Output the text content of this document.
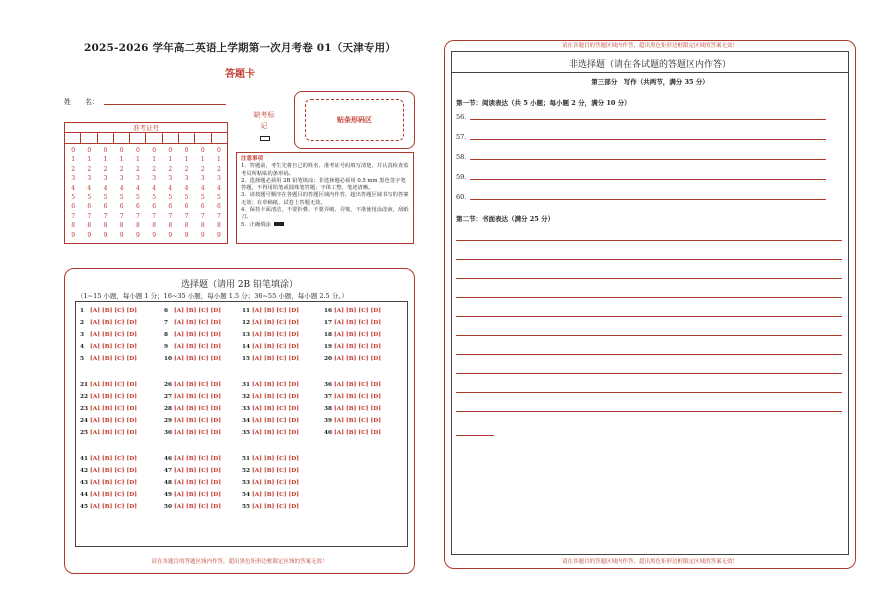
2025-2026 学年高二英语上学期第一次月考卷 01（天津专用）
答题卡
姓　　名：
准考证号
0
1
2
3
4
5
6
7
8
9
0
1
2
3
4
5
6
7
8
9
0
1
2
3
4
5
6
7
8
9
0
1
2
3
4
5
6
7
8
9
0
1
2
3
4
5
6
7
8
9
0
1
2
3
4
5
6
7
8
9
0
1
2
3
4
5
6
7
8
9
0
1
2
3
4
5
6
7
8
9
0
1
2
3
4
5
6
7
8
9
0
1
2
3
4
5
6
7
8
9
缺考标记
贴条形码区
注意事项
1．答题前，考生先将自己的姓名、准考证号码填写清楚，并认真检查监考员所粘贴的条形码。
2．选择题必须用 2B 铅笔填涂；非选择题必须用 0.5 mm 黑色签字笔答题，不得用铅笔或圆珠笔答题；字体工整、笔迹清晰。
3．请按题号顺序在各题目的答题区域内作答，超出答题区域书写的答案无效；在草稿纸、试卷上答题无效。
4．保持卡面清洁，不要折叠、不要弄破、弄皱，不准使用涂改液、刮纸刀。
5．正确填涂
选择题（请用 2B 铅笔填涂）
（1~15 小题，每小题 1 分；16~35 小题，每小题 1.5 分；36~55 小题，每小题 2.5 分。）
1 [A] [B] [C] [D]
2 [A] [B] [C] [D]
3 [A] [B] [C] [D]
4 [A] [B] [C] [D]
5 [A] [B] [C] [D]
6 [A] [B] [C] [D]
7 [A] [B] [C] [D]
8 [A] [B] [C] [D]
9 [A] [B] [C] [D]
10 [A] [B] [C] [D]
11 [A] [B] [C] [D]
12 [A] [B] [C] [D]
13 [A] [B] [C] [D]
14 [A] [B] [C] [D]
15 [A] [B] [C] [D]
16 [A] [B] [C] [D]
17 [A] [B] [C] [D]
18 [A] [B] [C] [D]
19 [A] [B] [C] [D]
20 [A] [B] [C] [D]
21 [A] [B] [C] [D]
22 [A] [B] [C] [D]
23 [A] [B] [C] [D]
24 [A] [B] [C] [D]
25 [A] [B] [C] [D]
26 [A] [B] [C] [D]
27 [A] [B] [C] [D]
28 [A] [B] [C] [D]
29 [A] [B] [C] [D]
30 [A] [B] [C] [D]
31 [A] [B] [C] [D]
32 [A] [B] [C] [D]
33 [A] [B] [C] [D]
34 [A] [B] [C] [D]
35 [A] [B] [C] [D]
36 [A] [B] [C] [D]
37 [A] [B] [C] [D]
38 [A] [B] [C] [D]
39 [A] [B] [C] [D]
40 [A] [B] [C] [D]
41 [A] [B] [C] [D]
42 [A] [B] [C] [D]
43 [A] [B] [C] [D]
44 [A] [B] [C] [D]
45 [A] [B] [C] [D]
46 [A] [B] [C] [D]
47 [A] [B] [C] [D]
48 [A] [B] [C] [D]
49 [A] [B] [C] [D]
50 [A] [B] [C] [D]
51 [A] [B] [C] [D]
52 [A] [B] [C] [D]
53 [A] [B] [C] [D]
54 [A] [B] [C] [D]
55 [A] [B] [C] [D]
请在各题目的答题区域内作答，超出黑色矩形边框限定区域的答案无效！
请在各题目的答题区域内作答，超出黑色矩形边框限定区域的答案无效！
非选择题（请在各试题的答题区内作答）
第三部分　写作（共两节，满分 35 分）
第一节：阅读表达（共 5 小题；每小题 2 分，满分 10 分）
56．
57．
58．
59．
60．
第二节：书面表达（满分 25 分）
请在各题目的答题区域内作答，超出黑色矩形边框限定区域的答案无效！
